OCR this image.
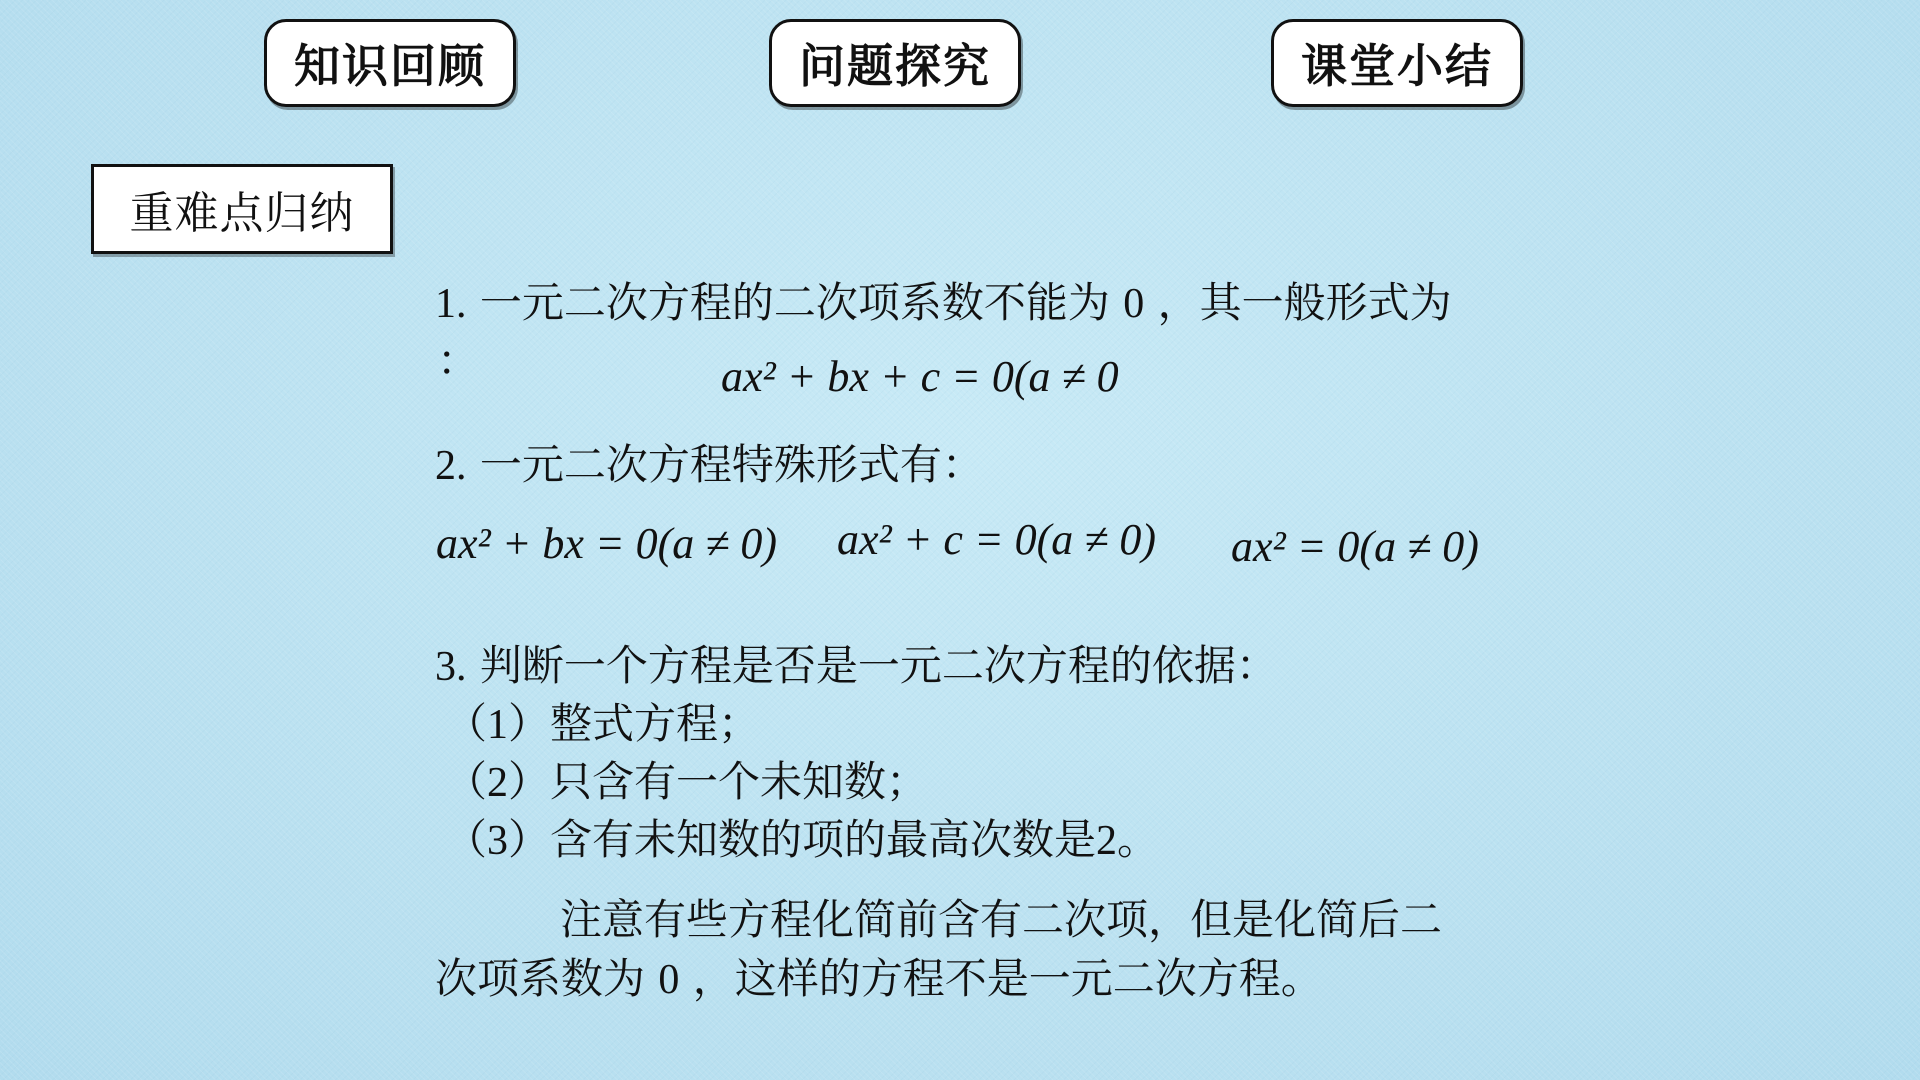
知识回顾	问题探究	课堂小结
重难点归纳
1. 一元二次方程的二次项系数不能为 0 ，其一般形式为
：	ax² + bx + c = 0(a ≠ 0
2. 一元二次方程特殊形式有：
ax² + bx = 0(a ≠ 0) ax² + c = 0(a ≠ 0) ax² = 0(a ≠ 0)
3. 判断一个方程是否是一元二次方程的依据：
（1）整式方程；
（2）只含有一个未知数；
（3）含有未知数的项的最高次数是2。
注意有些方程化简前含有二次项，但是化简后二
次项系数为 0 ，这样的方程不是一元二次方程。
